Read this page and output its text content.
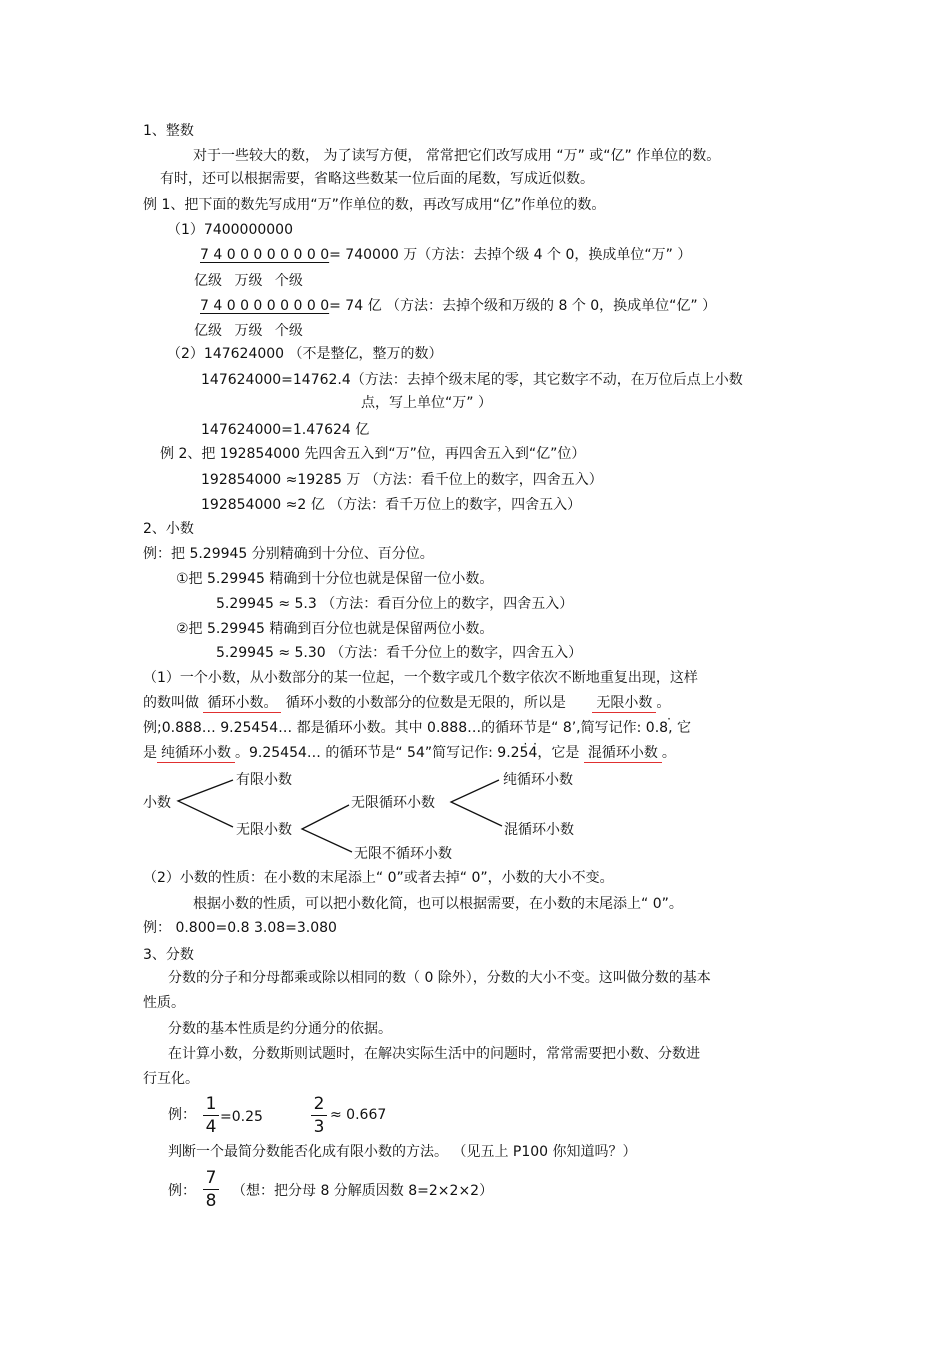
1、整数
对于一些较大的数， 为了读写方便， 常常把它们改写成用 “万” 或“亿” 作单位的数。
有时，还可以根据需要，省略这些数某一位后面的尾数，写成近似数。
例 1、把下面的数先写成用“万”作单位的数，再改写成用“亿”作单位的数。
（1）7400000000
7 4 0 0 0 0 0 0 0 0= 740000 万（方法：去掉个级 4 个 0，换成单位“万” ）
亿级 万级 个级
7 4 0 0 0 0 0 0 0 0= 74 亿 （方法：去掉个级和万级的 8 个 0，换成单位“亿” ）
亿级 万级 个级
（2）147624000 （不是整亿，整万的数）
147624000=14762.4（方法：去掉个级末尾的零，其它数字不动，在万位后点上小数
点，写上单位“万” ）
147624000=1.47624 亿
例 2、把 192854000 先四舍五入到“万”位，再四舍五入到“亿”位）
192854000 ≈19285 万 （方法：看千位上的数字，四舍五入）
192854000 ≈2 亿 （方法：看千万位上的数字，四舍五入）
2、小数
例：把 5.29945 分别精确到十分位、百分位。
①把 5.29945 精确到十分位也就是保留一位小数。
5.29945 ≈ 5.3 （方法：看百分位上的数字，四舍五入）
②把 5.29945 精确到百分位也就是保留两位小数。
5.29945 ≈ 5.30 （方法：看千分位上的数字，四舍五入）
（1）一个小数，从小数部分的某一位起，一个数字或几个数字依次不断地重复出现，这样
的数叫做 循环小数。 循环小数的小数部分的位数是无限的，所以是 无限小数 。
例;0.888… 9.25454… 都是循环小数。其中 0.888…的循环节是“ 8’,简写记作: 0.· 8, 它
是 纯循环小数 。9.25454… 的循环节是“ 54”简写记作: 9.2· · 54，它是 混循环小数 。
小数
有限小数
无限小数
无限循环小数
无限不循环小数
纯循环小数
混循环小数
（2）小数的性质：在小数的末尾添上“ 0”或者去掉“ 0”，小数的大小不变。
根据小数的性质，可以把小数化简，也可以根据需要，在小数的末尾添上“ 0”。
例： 0.800=0.8 3.08=3.080
3、分数
分数的分子和分母都乘或除以相同的数（ 0 除外），分数的大小不变。这叫做分数的基本
性质。
分数的基本性质是约分通分的依据。
在计算小数，分数斯则试题时，在解决实际生活中的问题时，常常需要把小数、分数进
行互化。
例：
1
4 =0.25
2
3
≈ 0.667
判断一个最简分数能否化成有限小数的方法。 （见五上 P100 你知道吗？）
例：
7
8 （想：把分母 8 分解质因数 8=2×2×2）
